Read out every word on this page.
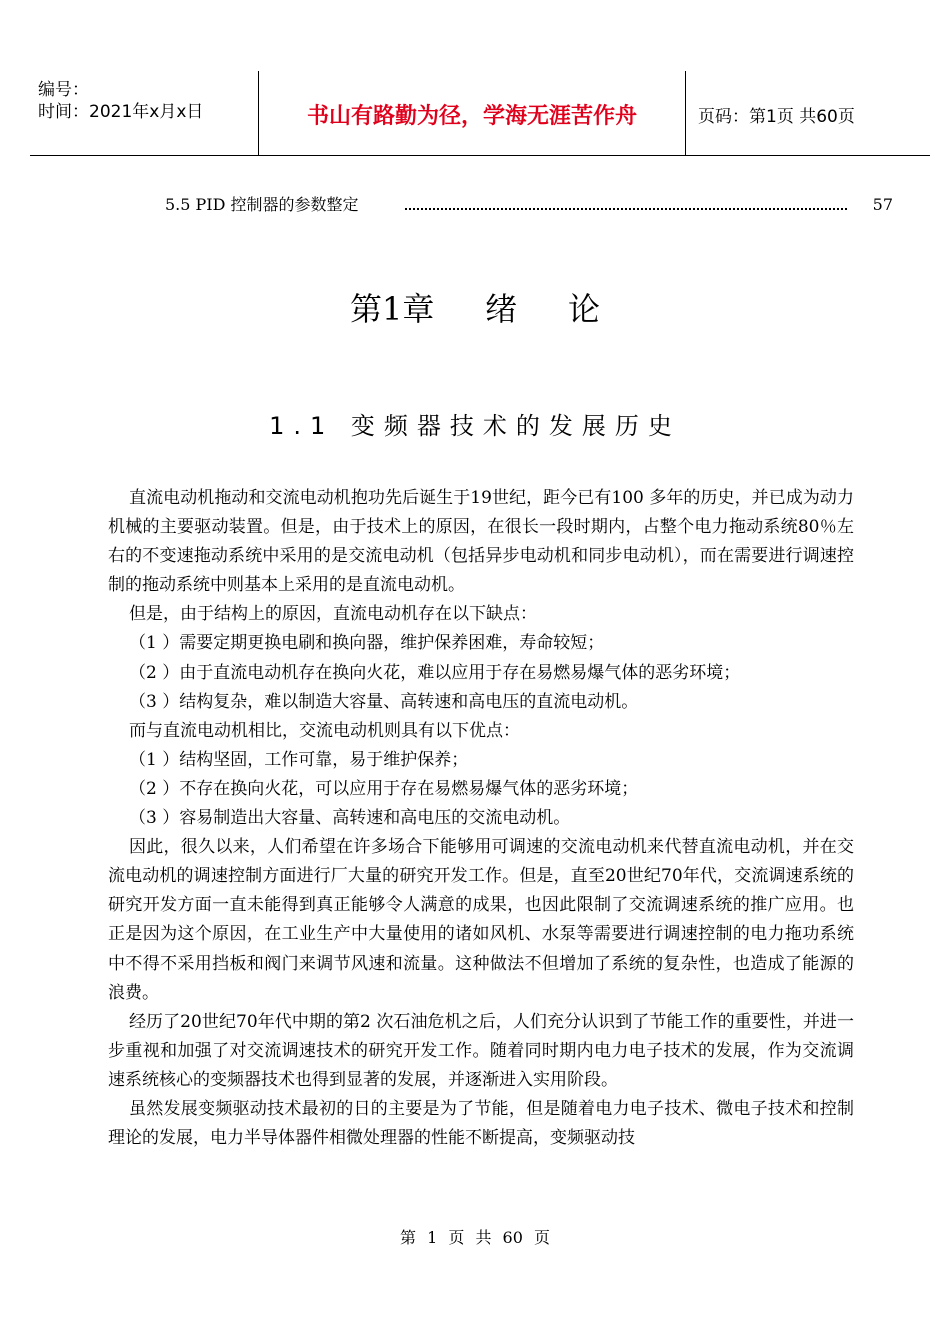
编号：
时间：2021年x月x日	书山有路勤为径，学海无涯苦作舟	页码：第1页 共60页
5.5 PID 控制器的参数整定	57
第1章     绪     论
1.1 变频器技术的发展历史

直流电动机拖动和交流电动机抱功先后诞生于19世纪，距今已有100 多年的历史，并已成为动力机械的主要驱动装置。但是，由于技术上的原因，在很长一段时期内，占整个电力拖动系统80％左右的不变速拖动系统中采用的是交流电动机（包括异步电动机和同步电动机），而在需要进行调速控制的拖动系统中则基本上采用的是直流电动机。

但是，由于结构上的原因，直流电动机存在以下缺点：

（1 ）需要定期更换电刷和换向器，维护保养困难，寿命较短；

（2 ）由于直流电动机存在换向火花，难以应用于存在易燃易爆气体的恶劣环境；

（3 ）结构复杂，难以制造大容量、高转速和高电压的直流电动机。

而与直流电动机相比，交流电动机则具有以下优点：

（1 ）结构坚固，工作可靠，易于维护保养；

（2 ）不存在换向火花，可以应用于存在易燃易爆气体的恶劣环境；

（3 ）容易制造出大容量、高转速和高电压的交流电动机。

因此，很久以来，人们希望在许多场合下能够用可调速的交流电动机来代替直流电动机，并在交流电动机的调速控制方面进行厂大量的研究开发工作。但是，直至20世纪70年代，交流调速系统的研究开发方面一直未能得到真正能够令人满意的成果，也因此限制了交流调速系统的推广应用。也正是因为这个原因，在工业生产中大量使用的诸如风机、水泵等需要进行调速控制的电力拖功系统中不得不采用挡板和阀门来调节风速和流量。这种做法不但增加了系统的复杂性，也造成了能源的浪费。

经历了20世纪70年代中期的第2 次石油危机之后，人们充分认识到了节能工作的重要性，并进一步重视和加强了对交流调速技术的研究开发工作。随着同时期内电力电子技术的发展，作为交流调速系统核心的变频器技术也得到显著的发展，并逐渐进入实用阶段。

虽然发展变频驱动技术最初的日的主要是为了节能，但是随着电力电子技术、微电子技术和控制理论的发展，电力半导体器件相微处理器的性能不断提高，变频驱动技

第 1 页 共 60 页
